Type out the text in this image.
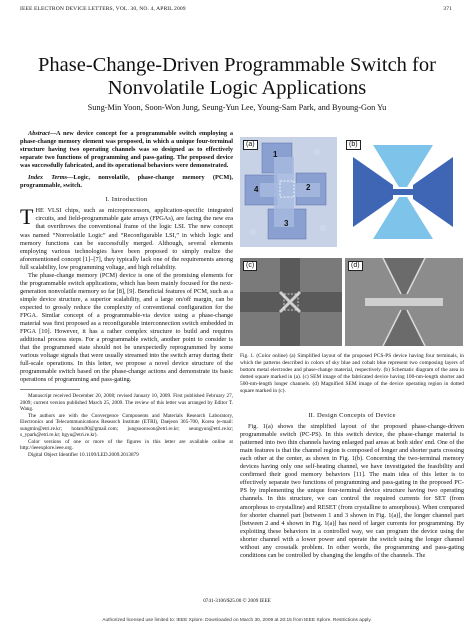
IEEE ELECTRON DEVICE LETTERS, VOL. 30, NO. 4, APRIL 2009	371
Phase-Change-Driven Programmable Switch for
Nonvolatile Logic Applications
Sung-Min Yoon, Soon-Won Jung, Seung-Yun Lee, Young-Sam Park, and Byoung-Gon Yu

Abstract—A new device concept for a programmable switch employing a phase-change memory element was proposed, in which a unique four-terminal structure having two operating channels was so designed as to effectively separate two functions of programming and pass-gating. The proposed device was successfully fabricated, and its operational behaviors were demonstrated.

Index Terms—Logic, nonvolatile, phase-change memory (PCM), programmable, switch.

I. Introduction

THE VLSI chips, such as microprocessors, application-specific integrated circuits, and field-programmable gate arrays (FPGAs), are facing the new era that overthrows the conventional frame of the logic LSI. The new concept was named “Nonvolatile Logic” and “Reconfigurable LSI,” in which logic and memory functions can be successfully merged. Although, several elements employing various technologies have been proposed to simply realize the aforementioned concept [1]–[7], they typically lack one of the requirements among full scalability, low programming voltage, and high reliability.

The phase-change memory (PCM) device is one of the promising elements for the programmable switch applications, which has been mainly focused for the next-generation nonvolatile memory so far [8], [9]. Beneficial features of PCM, such as a simple device structure, a superior scalability, and a large on/off margin, can be expected to grossly reduce the complexity of conventional configuration for the FPGA. Similar concept of a programmable-via device using a phase-change material was first proposed as a reconfigurable interconnection switch embedded in FPGA [10]. However, it has a rather complex structure to build and requires additional process steps. For a programmable switch, another point to consider is that the programmed state should not be unexpectedly reprogrammed by some various voltage signals that were usually streamed into the switch array during their full-scale operations. In this letter, we propose a novel device structure of the programmable switch based on the phase-change actions and demonstrate its basic operations of programming and pass-gating.

Manuscript received December 20, 2008; revised January 10, 2009. First published February 27, 2009; current version published March 25, 2009. The review of this letter was arranged by Editor T. Wang.

The authors are with the Convergence Components and Materials Research Laboratory, Electronics and Telecommunications Research Institute (ETRI), Daejeon 305-700, Korea (e-mail: sungmin@etri.re.kr; hotaru90@gmail.com; jungsoonwon@etri.re.kr; seungyun@etri.re.kr; s_ypark@etri.re.kr; bgyu@etri.re.kr).

Color versions of one or more of the figures in this letter are available online at http://ieeexplore.ieee.org.

Digital Object Identifier 10.1109/LED.2009.2013879

(a)
1
4	2
3
(b)
(c)	(d)
Fig. 1. (Color online) (a) Simplified layout of the proposed PCS-PS device having four terminals, in which the patterns described in colors of sky blue and cobalt blue represent two composing layers of bottom metal electrodes and phase-change material, respectively. (b) Schematic diagram of the area in dotted square marked in (a). (c) SEM image of the fabricated device having 100-nm-length shorter and 500-nm-length longer channels. (d) Magnified SEM image of the device operating region in dotted square marked in (c).
II. Design Concepts of Device

Fig. 1(a) shows the simplified layout of the proposed phase-change-driven programmable switch (PC-PS). In this switch device, the phase-change material is patterned into two thin channels having enlarged pad areas at both sides' end. One of the main features is that the channel region is composed of longer and shorter parts crossing each other at the center, as shown in Fig. 1(b). Concerning the two-terminal memory devices having only one self-heating channel, we have investigated the feasibility and confirmed their good memory behaviors [11]. The main idea of this letter is to effectively separate two functions of programming and pass-gating in the proposed PC-PS by implementing the unique four-terminal device structure having two operating channels. In this structure, we can control the required currents for SET (from amorphous to crystalline) and RESET (from crystalline to amorphous). When compared for shorter channel part [between 1 and 3 shown in Fig. 1(a)], the longer channel part [between 2 and 4 shown in Fig. 1(a)] has need of larger currents for programming. By exploiting these behaviors in a controlled way, we can program the device using the shorter channel with a lower power and operate the switch using the longer channel without any crosstalk problem. In other words, the programming and pass-gating conditions can be controlled by changing the lengths of the channels. The

0741-3106/$25.00 © 2009 IEEE
Authorized licensed use limited to: IEEE Xplore. Downloaded on March 30, 2009 at 20:15 from IEEE Xplore. Restrictions apply.
